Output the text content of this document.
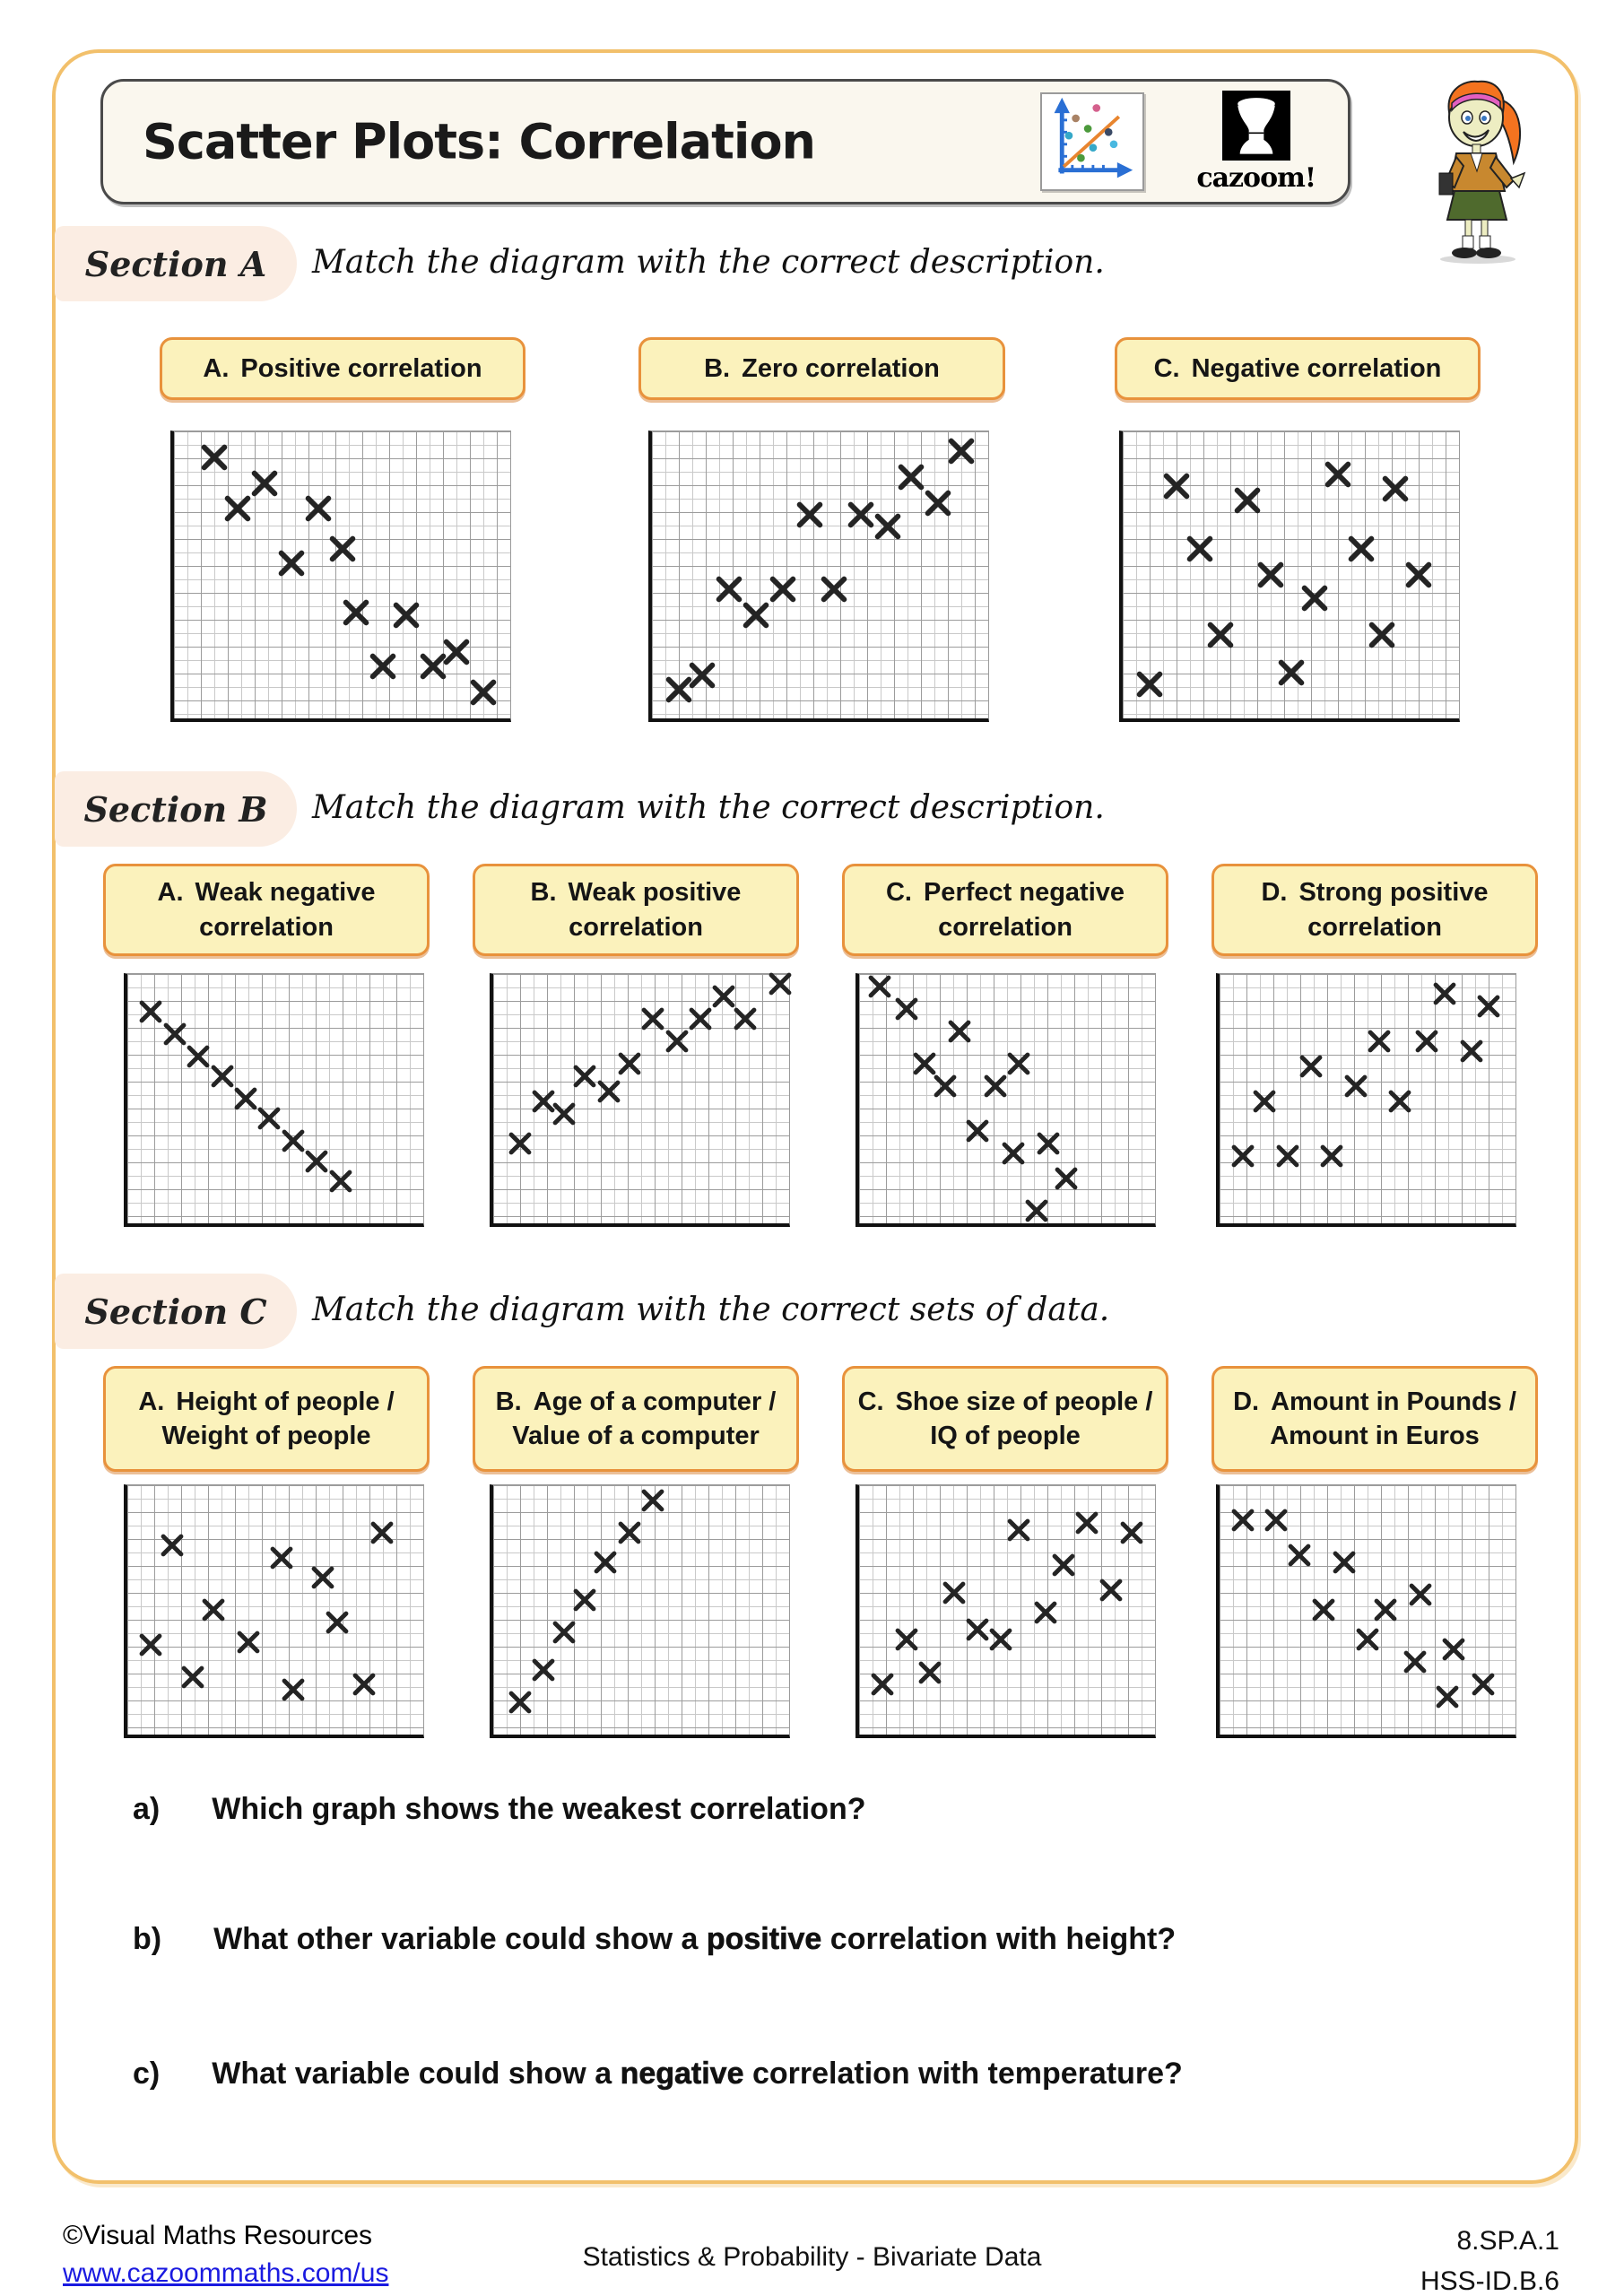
Scatter Plots: Correlation
cazoom!
Section A	Match the diagram with the correct description.
A. Positive correlation	B. Zero correlation	C. Negative correlation
Section B	Match the diagram with the correct description.
A. Weak negative
correlation
B. Weak positive
correlation
C. Perfect negative
correlation
D. Strong positive
correlation
Section C	Match the diagram with the correct sets of data.
A. Height of people /
Weight of people
B. Age of a computer /
Value of a computer
C. Shoe size of people /
IQ of people
D. Amount in Pounds /
Amount in Euros
a) Which graph shows the weakest correlation?
b) What other variable could show a positive correlation with height?
c) What variable could show a negative correlation with temperature?
©Visual Maths Resources
www.cazoommaths.com/us
Statistics & Probability - Bivariate Data
8.SP.A.1
HSS-ID.B.6
